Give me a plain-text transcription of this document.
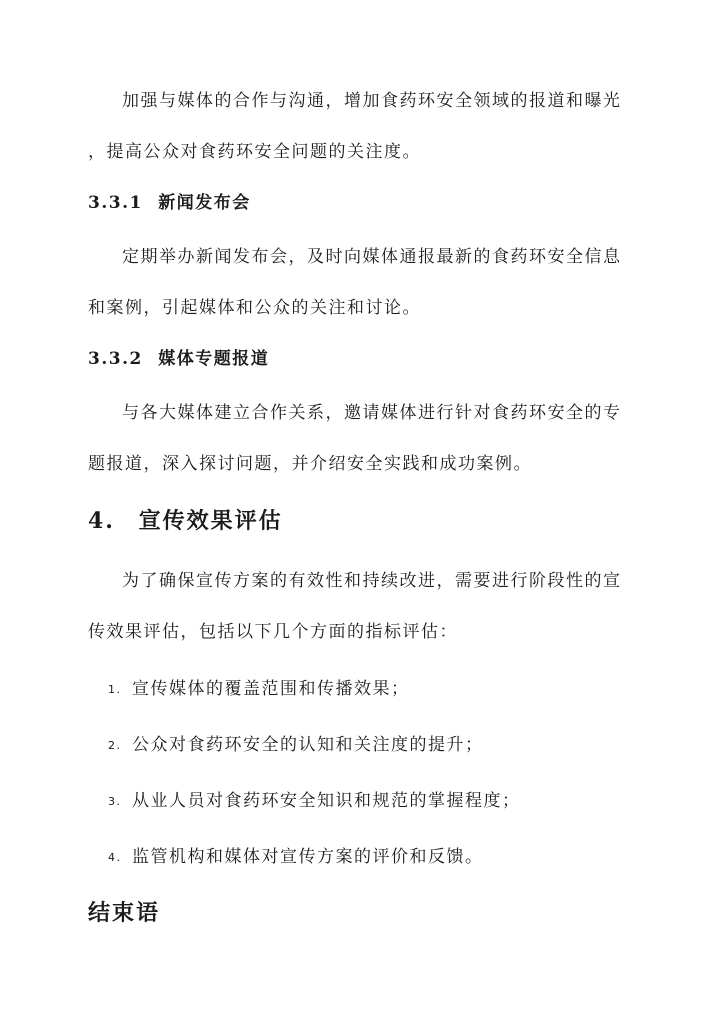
加强与媒体的合作与沟通，增加食药环安全领域的报道和曝光
，提高公众对食药环安全问题的关注度。

3.3.1 新闻发布会

定期举办新闻发布会，及时向媒体通报最新的食药环安全信息
和案例，引起媒体和公众的关注和讨论。

3.3.2 媒体专题报道

与各大媒体建立合作关系，邀请媒体进行针对食药环安全的专
题报道，深入探讨问题，并介绍安全实践和成功案例。

4. 宣传效果评估

为了确保宣传方案的有效性和持续改进，需要进行阶段性的宣
传效果评估，包括以下几个方面的指标评估：

1. 宣传媒体的覆盖范围和传播效果；
2. 公众对食药环安全的认知和关注度的提升；
3. 从业人员对食药环安全知识和规范的掌握程度；
4. 监管机构和媒体对宣传方案的评价和反馈。
结束语
